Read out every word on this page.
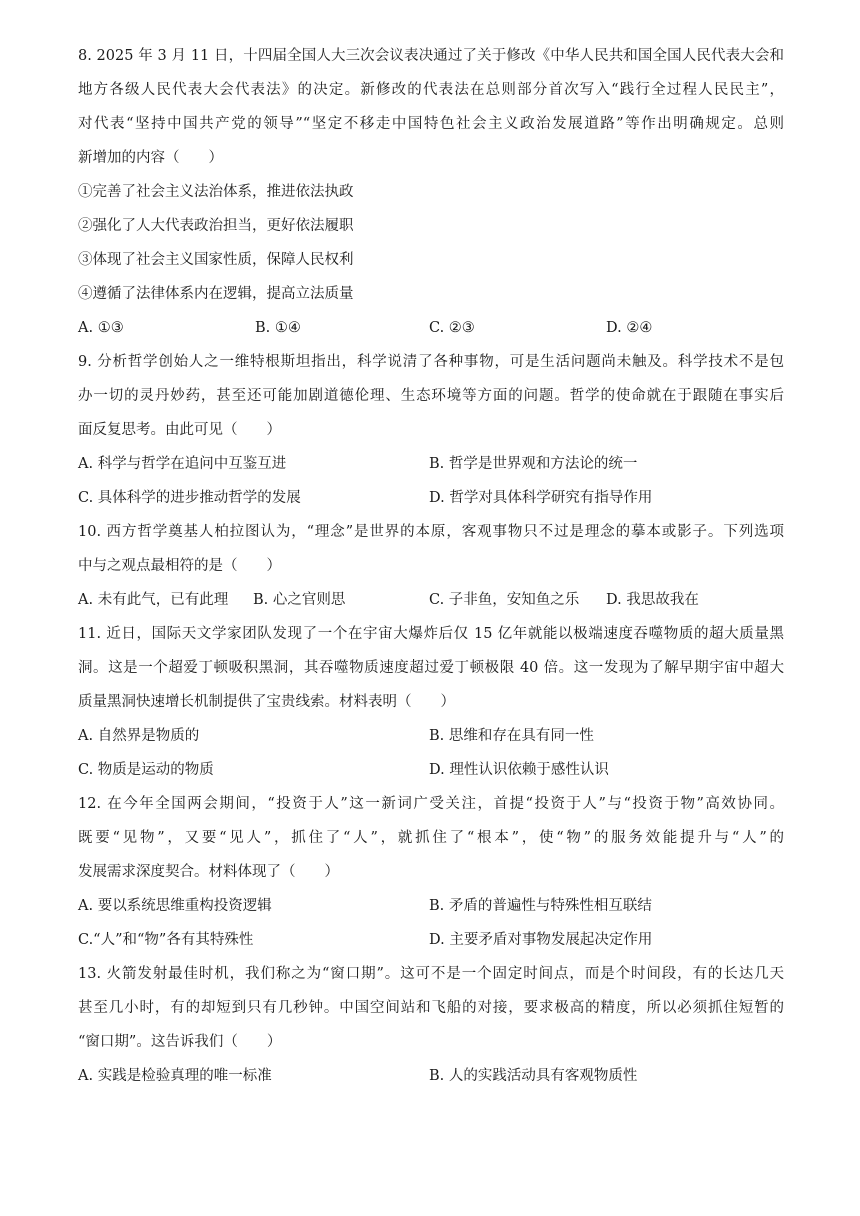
8. 2025 年 3 月 11 日，十四届全国人大三次会议表决通过了关于修改《中华人民共和国全国人民代表大会和
地方各级人民代表大会代表法》的决定。新修改的代表法在总则部分首次写入“践行全过程人民民主”，
对代表“坚持中国共产党的领导”“坚定不移走中国特色社会主义政治发展道路”等作出明确规定。总则
新增加的内容（　　）
①完善了社会主义法治体系，推进依法执政
②强化了人大代表政治担当，更好依法履职
③体现了社会主义国家性质，保障人民权利
④遵循了法律体系内在逻辑，提高立法质量
A. ①③	B. ①④	C. ②③	D. ②④
9. 分析哲学创始人之一维特根斯坦指出，科学说清了各种事物，可是生活问题尚未触及。科学技术不是包
办一切的灵丹妙药，甚至还可能加剧道德伦理、生态环境等方面的问题。哲学的使命就在于跟随在事实后
面反复思考。由此可见（　　）
A. 科学与哲学在追问中互鉴互进	B. 哲学是世界观和方法论的统一
C. 具体科学的进步推动哲学的发展	D. 哲学对具体科学研究有指导作用
10. 西方哲学奠基人柏拉图认为，“理念”是世界的本原，客观事物只不过是理念的摹本或影子。下列选项
中与之观点最相符的是（　　）
A. 未有此气，已有此理 B. 心之官则思	C. 子非鱼，安知鱼之乐 D. 我思故我在
11. 近日，国际天文学家团队发现了一个在宇宙大爆炸后仅 15 亿年就能以极端速度吞噬物质的超大质量黑
洞。这是一个超爱丁顿吸积黑洞，其吞噬物质速度超过爱丁顿极限 40 倍。这一发现为了解早期宇宙中超大
质量黑洞快速增长机制提供了宝贵线索。材料表明（　　）
A. 自然界是物质的	B. 思维和存在具有同一性
C. 物质是运动的物质	D. 理性认识依赖于感性认识
12. 在今年全国两会期间，“投资于人”这一新词广受关注，首提“投资于人”与“投资于物”高效协同。
既要“见物”，又要“见人”，抓住了“人”，就抓住了“根本”，使“物”的服务效能提升与“人”的
发展需求深度契合。材料体现了（　　）
A. 要以系统思维重构投资逻辑	B. 矛盾的普遍性与特殊性相互联结
C.“人”和“物”各有其特殊性	D. 主要矛盾对事物发展起决定作用
13. 火箭发射最佳时机，我们称之为“窗口期”。这可不是一个固定时间点，而是个时间段，有的长达几天
甚至几小时，有的却短到只有几秒钟。中国空间站和飞船的对接，要求极高的精度，所以必须抓住短暂的
“窗口期”。这告诉我们（　　）
A. 实践是检验真理的唯一标准	B. 人的实践活动具有客观物质性
